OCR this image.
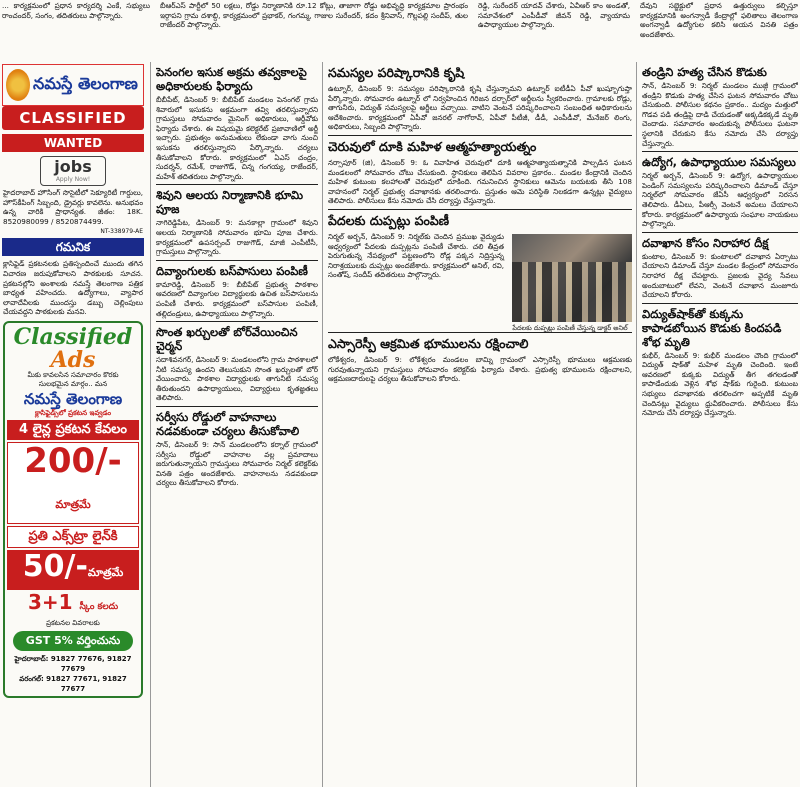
... కార్యక్రమంలో ప్రధాన కార్యదర్శి ఎంకే, సభ్యులు రాంచందర్, సంగం, తదితరులు పాల్గొన్నారు.
బీఆర్ఎస్ పార్టీలో 50 లక్షలు, రోడ్డు నిర్మాణానికి రూ.12 కోట్లు, తాజాగా రోడ్డు అభివృద్ధి కార్యక్రమాల ప్రారంభం ఇర్గాపని గ్రామ దశాబ్ది, కార్యక్రమంలో ప్రభాకర్, గంగమ్మ, గాజుల సురేందర్, కదం శ్రీనివాస్, గొల్లపల్లి సందీప్, తుల రాజేందర్ పాల్గొన్నారు.
రెడ్డి, సురేందర్ యాదవ్ చేశారు, ఏవీఆర్ కాం అండతో, సమావేశంలో ఎంపీడీవో జీవన్ రెడ్డి, వ్యాయామ ఉపాధ్యాయుల పాల్గొన్నారు.
దేవుని సబ్జెక్టులో ప్రధాన ఉత్తుర్వులు కల్పిస్తూ కార్యక్రమానికి అంగన్వాడీ కేంద్రాల్లో ఫలితాలు తెలంగాణ అంగన్వాడీ ఉద్యోగుల కలిసి అయన వినతి పత్రం అందజేశారు.
నమస్తే తెలంగాణ
CLASSIFIED
WANTED
jobs
Apply Now!
హైదరాబాద్ హౌసింగ్ సొసైటీలో సెక్యూరిటీ గార్డులు, హౌస్‌కీపింగ్ సిబ్బంది, డ్రైవర్లు కావలెను. అనుభవం ఉన్న వారికి ప్రాధాన్యత. జీతం: 18K. 8520980099 / 8520874499.
NT-338979-AE
గమనిక
క్లాసిఫైడ్ ప్రకటనలకు ప్రతిస్పందించే ముందు తగిన విచారణ జరుపుకోవాలని పాఠకులకు సూచన. ప్రకటనల్లోని అంశాలకు నమస్తే తెలంగాణ పత్రిక బాధ్యత వహించదు. ఉద్యోగాలు, వ్యాపార లావాదేవీలకు ముందస్తు డబ్బు చెల్లింపులు చేయవద్దని పాఠకులకు మనవి.
Classified
Ads
మీకు కావలసిన సమాచారం కొరకు
సులభమైన మార్గం.. మన
నమస్తే తెలంగాణ
క్లాసిఫైడ్స్‌లో ప్రకటన ఇవ్వడం
4 లైన్ల ప్రకటన కేవలం
200/-మాత్రమే
ప్రతి ఎక్స్‌ట్రా లైన్‌కి
50/-మాత్రమే
3+1 స్కీం కలదు
ప్రకటనల వివరాలకు
GST 5% వర్తించును
హైదరాబాద్: 91827 77676, 91827 77679
వరంగల్: 91827 77671, 91827 77677
పెనంగల ఇసుక అక్రమ తవ్వకాలపై అధికారులకు ఫిర్యాదు
బీబీపేట్, డిసెంబర్ 9: బీబీపేట్ మండలం పెనంగల్ గ్రామ శివారులో ఇసుకను అక్రమంగా తవ్వి తరలిస్తున్నారని గ్రామస్తులు సోమవారం మైనింగ్ అధికారులు, ఆర్డీవోకు ఫిర్యాదు చేశారు. ఈ విషయమై కలెక్టరేట్ ప్రజావాణిలో అర్జీ ఇచ్చారు. ప్రభుత్వం అనుమతులు లేకుండా వాగు నుంచి ఇసుకను తరలిస్తున్నారని పేర్కొన్నారు. చర్యలు తీసుకోవాలని కోరారు. కార్యక్రమంలో ఏఎస్ చంద్రం, సుదర్శన్, రమేశ్, రాజుగౌడ్, చిన్న గంగయ్య, రాజేందర్, మహేశ్ తదితరులు పాల్గొన్నారు.
శివుని ఆలయ నిర్మాణానికి భూమి పూజ
నాగిరెడ్డిపేట, డిసెంబర్ 9: మనకాల్లా గ్రామంలో శివుని ఆలయ నిర్మాణానికి సోమవారం భూమి పూజ చేశారు. కార్యక్రమంలో ఉపసర్పంచ్ రాజుగౌడ్, మాజీ ఎంపీటీసీ, గ్రామస్తులు పాల్గొన్నారు.
దివ్యాంగులకు బస్‌పాసులు పంపిణీ
కామారెడ్డి, డిసెంబర్ 9: బీబీపేట్ ప్రభుత్వ పాఠశాల ఆవరణలో దివ్యాంగుల విద్యార్థులకు ఉచిత బస్‌పాసులను పంపిణీ చేశారు. కార్యక్రమంలో బస్‌పాసుల పంపిణీ, తల్లిదండ్రులు, ఉపాధ్యాయులు పాల్గొన్నారు.
సొంత ఖర్చులతో బోర్‌వేయించిన చైర్మన్
సదాశివనగర్, డిసెంబర్ 9: మండలంలోని గ్రామ పాఠశాలలో నీటి సమస్య ఉందని తెలుసుకుని సొంత ఖర్చులతో బోర్ వేయించారు. పాఠశాల విద్యార్థులకు తాగునీటి సమస్య తీరుతుందని ఉపాధ్యాయులు, విద్యార్థులు కృతజ్ఞతలు తెలిపారు.
సర్వీసు రోడ్డులో వాహనాలు నడవకుండా చర్యలు తీసుకోవాలి
సాన్, డిసెంబర్ 9: సాన్ మండలంలోని కర్నాల్ గ్రామంలో సర్వీసు రోడ్డులో వాహనాల వల్ల ప్రమాదాలు జరుగుతున్నాయని గ్రామస్తులు సోమవారం నిర్మల్ కలెక్టర్‌కు వినతి పత్రం అందజేశారు. వాహనాలను నడవకుండా చర్యలు తీసుకోవాలని కోరారు.
సమస్యల పరిష్కారానికి కృషి
ఉట్నూర్, డిసెంబర్ 9: సమస్యల పరిష్కారానికి కృషి చేస్తున్నామని ఉట్నూర్ ఐటీడీఏ పీవో ఖుష్బూగుప్తా పేర్కొన్నారు. సోమవారం ఉట్నూర్ లో నిర్వహించిన గిరిజన దర్బార్‌లో అర్జీలను స్వీకరించారు. గ్రామాలకు రోడ్లు, తాగునీరు, విద్యుత్ సమస్యలపై అర్జీలు వచ్చాయి. వాటిని వెంటనే పరిష్కరించాలని సంబంధిత అధికారులను ఆదేశించారు. కార్యక్రమంలో ఏపీవో జనరల్ నాగోరావ్, ఏపీవో పీటీజీ, డీడీ, ఎంపీడీవో, మేనేజర్ లింగు, అధికారులు, సిబ్బంది పాల్గొన్నారు.
చెరువులో దూకి మహిళ ఆత్మహత్యాయత్నం
నర్సాపూర్ (జి), డిసెంబర్ 9: ఓ వివాహిత చెరువులో దూకి ఆత్మహత్యాయత్నానికి పాల్పడిన ఘటన మండలంలో సోమవారం చోటు చేసుకుంది. స్థానికులు తెలిపిన వివరాల ప్రకారం.. మండల కేంద్రానికి చెందిన మహిళ కుటుంబ కలహాలతో చెరువులో దూకింది. గమనించిన స్థానికులు ఆమెను బయటకు తీసి 108 వాహనంలో నిర్మల్ ప్రభుత్వ దవాఖానకు తరలించారు. ప్రస్తుతం ఆమె పరిస్థితి నిలకడగా ఉన్నట్లు వైద్యులు తెలిపారు. పోలీసులు కేసు నమోదు చేసి దర్యాప్తు చేస్తున్నారు.
పేదలకు దుప్పట్లు పంపిణీ
పేదలకు దుప్పట్లు పంపిణీ చేస్తున్న డాక్టర్ అనిల్
నిర్మల్ అర్బన్, డిసెంబర్ 9: నిర్మల్‌కు చెందిన ప్రముఖ వైద్యుడు ఆధ్వర్యంలో పేదలకు దుప్పట్లను పంపిణీ చేశారు. చలి తీవ్రత పెరుగుతున్న నేపథ్యంలో పట్టణంలోని రోడ్ల పక్కన నిద్రిస్తున్న నిరాశ్రయులకు దుప్పట్లు అందజేశారు. కార్యక్రమంలో అనిల్, రవి, సంతోష్, సందీప్ తదితరులు పాల్గొన్నారు.
ఎస్సారెస్పీ ఆక్రమిత భూములను రక్షించాలి
లోకేశ్వరం, డిసెంబర్ 9: లోకేశ్వరం మండలం బామ్ని గ్రామంలో ఎస్సారెస్పీ భూములు ఆక్రమణకు గురవుతున్నాయని గ్రామస్తులు సోమవారం కలెక్టర్‌కు ఫిర్యాదు చేశారు. ప్రభుత్వ భూములను రక్షించాలని, ఆక్రమణదారులపై చర్యలు తీసుకోవాలని కోరారు.
తండ్రిని హత్య చేసిన కొడుకు
సాన్, డిసెంబర్ 9: నిర్మల్ మండలం ముజ్గీ గ్రామంలో తండ్రిని కొడుకు హత్య చేసిన ఘటన సోమవారం చోటు చేసుకుంది. పోలీసుల కథనం ప్రకారం.. మద్యం మత్తులో గొడవ పడి తండ్రిపై దాడి చేయడంతో అక్కడికక్కడే మృతి చెందాడు. సమాచారం అందుకున్న పోలీసులు ఘటనా స్థలానికి చేరుకుని కేసు నమోదు చేసి దర్యాప్తు చేస్తున్నారు.
ఉద్యోగ, ఉపాధ్యాయుల సమస్యలు
నిర్మల్ అర్బన్, డిసెంబర్ 9: ఉద్యోగ, ఉపాధ్యాయుల పెండింగ్ సమస్యలను పరిష్కరించాలని డిమాండ్ చేస్తూ నిర్మల్‌లో సోమవారం జేఏసీ ఆధ్వర్యంలో నిరసన తెలిపారు. డీఏలు, పీఆర్సీ వెంటనే అమలు చేయాలని కోరారు. కార్యక్రమంలో ఉపాధ్యాయ సంఘాల నాయకులు పాల్గొన్నారు.
దవాఖాన కోసం నిరాహార దీక్ష
కుంటాల, డిసెంబర్ 9: కుంటాలలో దవాఖాన ఏర్పాటు చేయాలని డిమాండ్ చేస్తూ మండల కేంద్రంలో సోమవారం నిరాహార దీక్ష చేపట్టారు. ప్రజలకు వైద్య సేవలు అందుబాటులో లేవని, వెంటనే దవాఖాన మంజూరు చేయాలని కోరారు.
విద్యుత్‌షాక్‌తో కుక్కను కాపాడబోయిన కొడుకు కిందపడి శోభ మృతి
కుభీర్, డిసెంబర్ 9: కుభీర్ మండలం చౌంది గ్రామంలో విద్యుత్ షాక్‌తో మహిళ మృతి చెందింది. ఇంటి ఆవరణలో కుక్కకు విద్యుత్ తీగ తగలడంతో కాపాడేందుకు వెళ్లిన శోభ షాక్‌కు గురైంది. కుటుంబ సభ్యులు దవాఖానకు తరలించగా అప్పటికే మృతి చెందినట్లు వైద్యులు ధ్రువీకరించారు. పోలీసులు కేసు నమోదు చేసి దర్యాప్తు చేస్తున్నారు.
